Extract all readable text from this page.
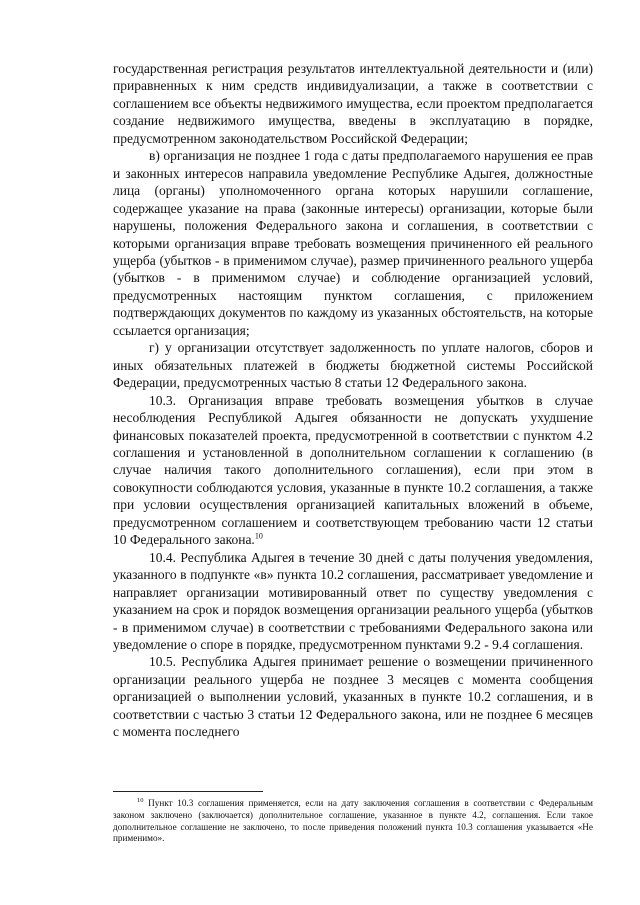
государственная регистрация результатов интеллектуальной деятельности и (или) приравненных к ним средств индивидуализации, а также в соответствии с соглашением все объекты недвижимого имущества, если проектом предполагается создание недвижимого имущества, введены в эксплуатацию в порядке, предусмотренном законодательством Российской Федерации;

в) организация не позднее 1 года с даты предполагаемого нарушения ее прав и законных интересов направила уведомление Республике Адыгея, должностные лица (органы) уполномоченного органа которых нарушили соглашение, содержащее указание на права (законные интересы) организации, которые были нарушены, положения Федерального закона и соглашения, в соответствии с которыми организация вправе требовать возмещения причиненного ей реального ущерба (убытков - в применимом случае), размер причиненного реального ущерба (убытков - в применимом случае) и соблюдение организацией условий, предусмотренных настоящим пунктом соглашения, с приложением подтверждающих документов по каждому из указанных обстоятельств, на которые ссылается организация;

г) у организации отсутствует задолженность по уплате налогов, сборов и иных обязательных платежей в бюджеты бюджетной системы Российской Федерации, предусмотренных частью 8 статьи 12 Федерального закона.

10.3. Организация вправе требовать возмещения убытков в случае несоблюдения Республикой Адыгея обязанности не допускать ухудшение финансовых показателей проекта, предусмотренной в соответствии с пунктом 4.2 соглашения и установленной в дополнительном соглашении к соглашению (в случае наличия такого дополнительного соглашения), если при этом в совокупности соблюдаются условия, указанные в пункте 10.2 соглашения, а также при условии осуществления организацией капитальных вложений в объеме, предусмотренном соглашением и соответствующем требованию части 12 статьи 10 Федерального закона.$^{10}$

10.4. Республика Адыгея в течение 30 дней с даты получения уведомления, указанного в подпункте «в» пункта 10.2 соглашения, рассматривает уведомление и направляет организации мотивированный ответ по существу уведомления с указанием на срок и порядок возмещения организации реального ущерба (убытков - в применимом случае) в соответствии с требованиями Федерального закона или уведомление о споре в порядке, предусмотренном пунктами 9.2 - 9.4 соглашения.

10.5. Республика Адыгея принимает решение о возмещении причиненного организации реального ущерба не позднее 3 месяцев с момента сообщения организацией о выполнении условий, указанных в пункте 10.2 соглашения, и в соответствии с частью 3 статьи 12 Федерального закона, или не позднее 6 месяцев с момента последнего

$^{10}$ Пункт 10.3 соглашения применяется, если на дату заключения соглашения в соответствии с Федеральным законом заключено (заключается) дополнительное соглашение, указанное в пункте 4.2, соглашения. Если такое дополнительное соглашение не заключено, то после приведения положений пункта 10.3 соглашения указывается «Не применимо».
